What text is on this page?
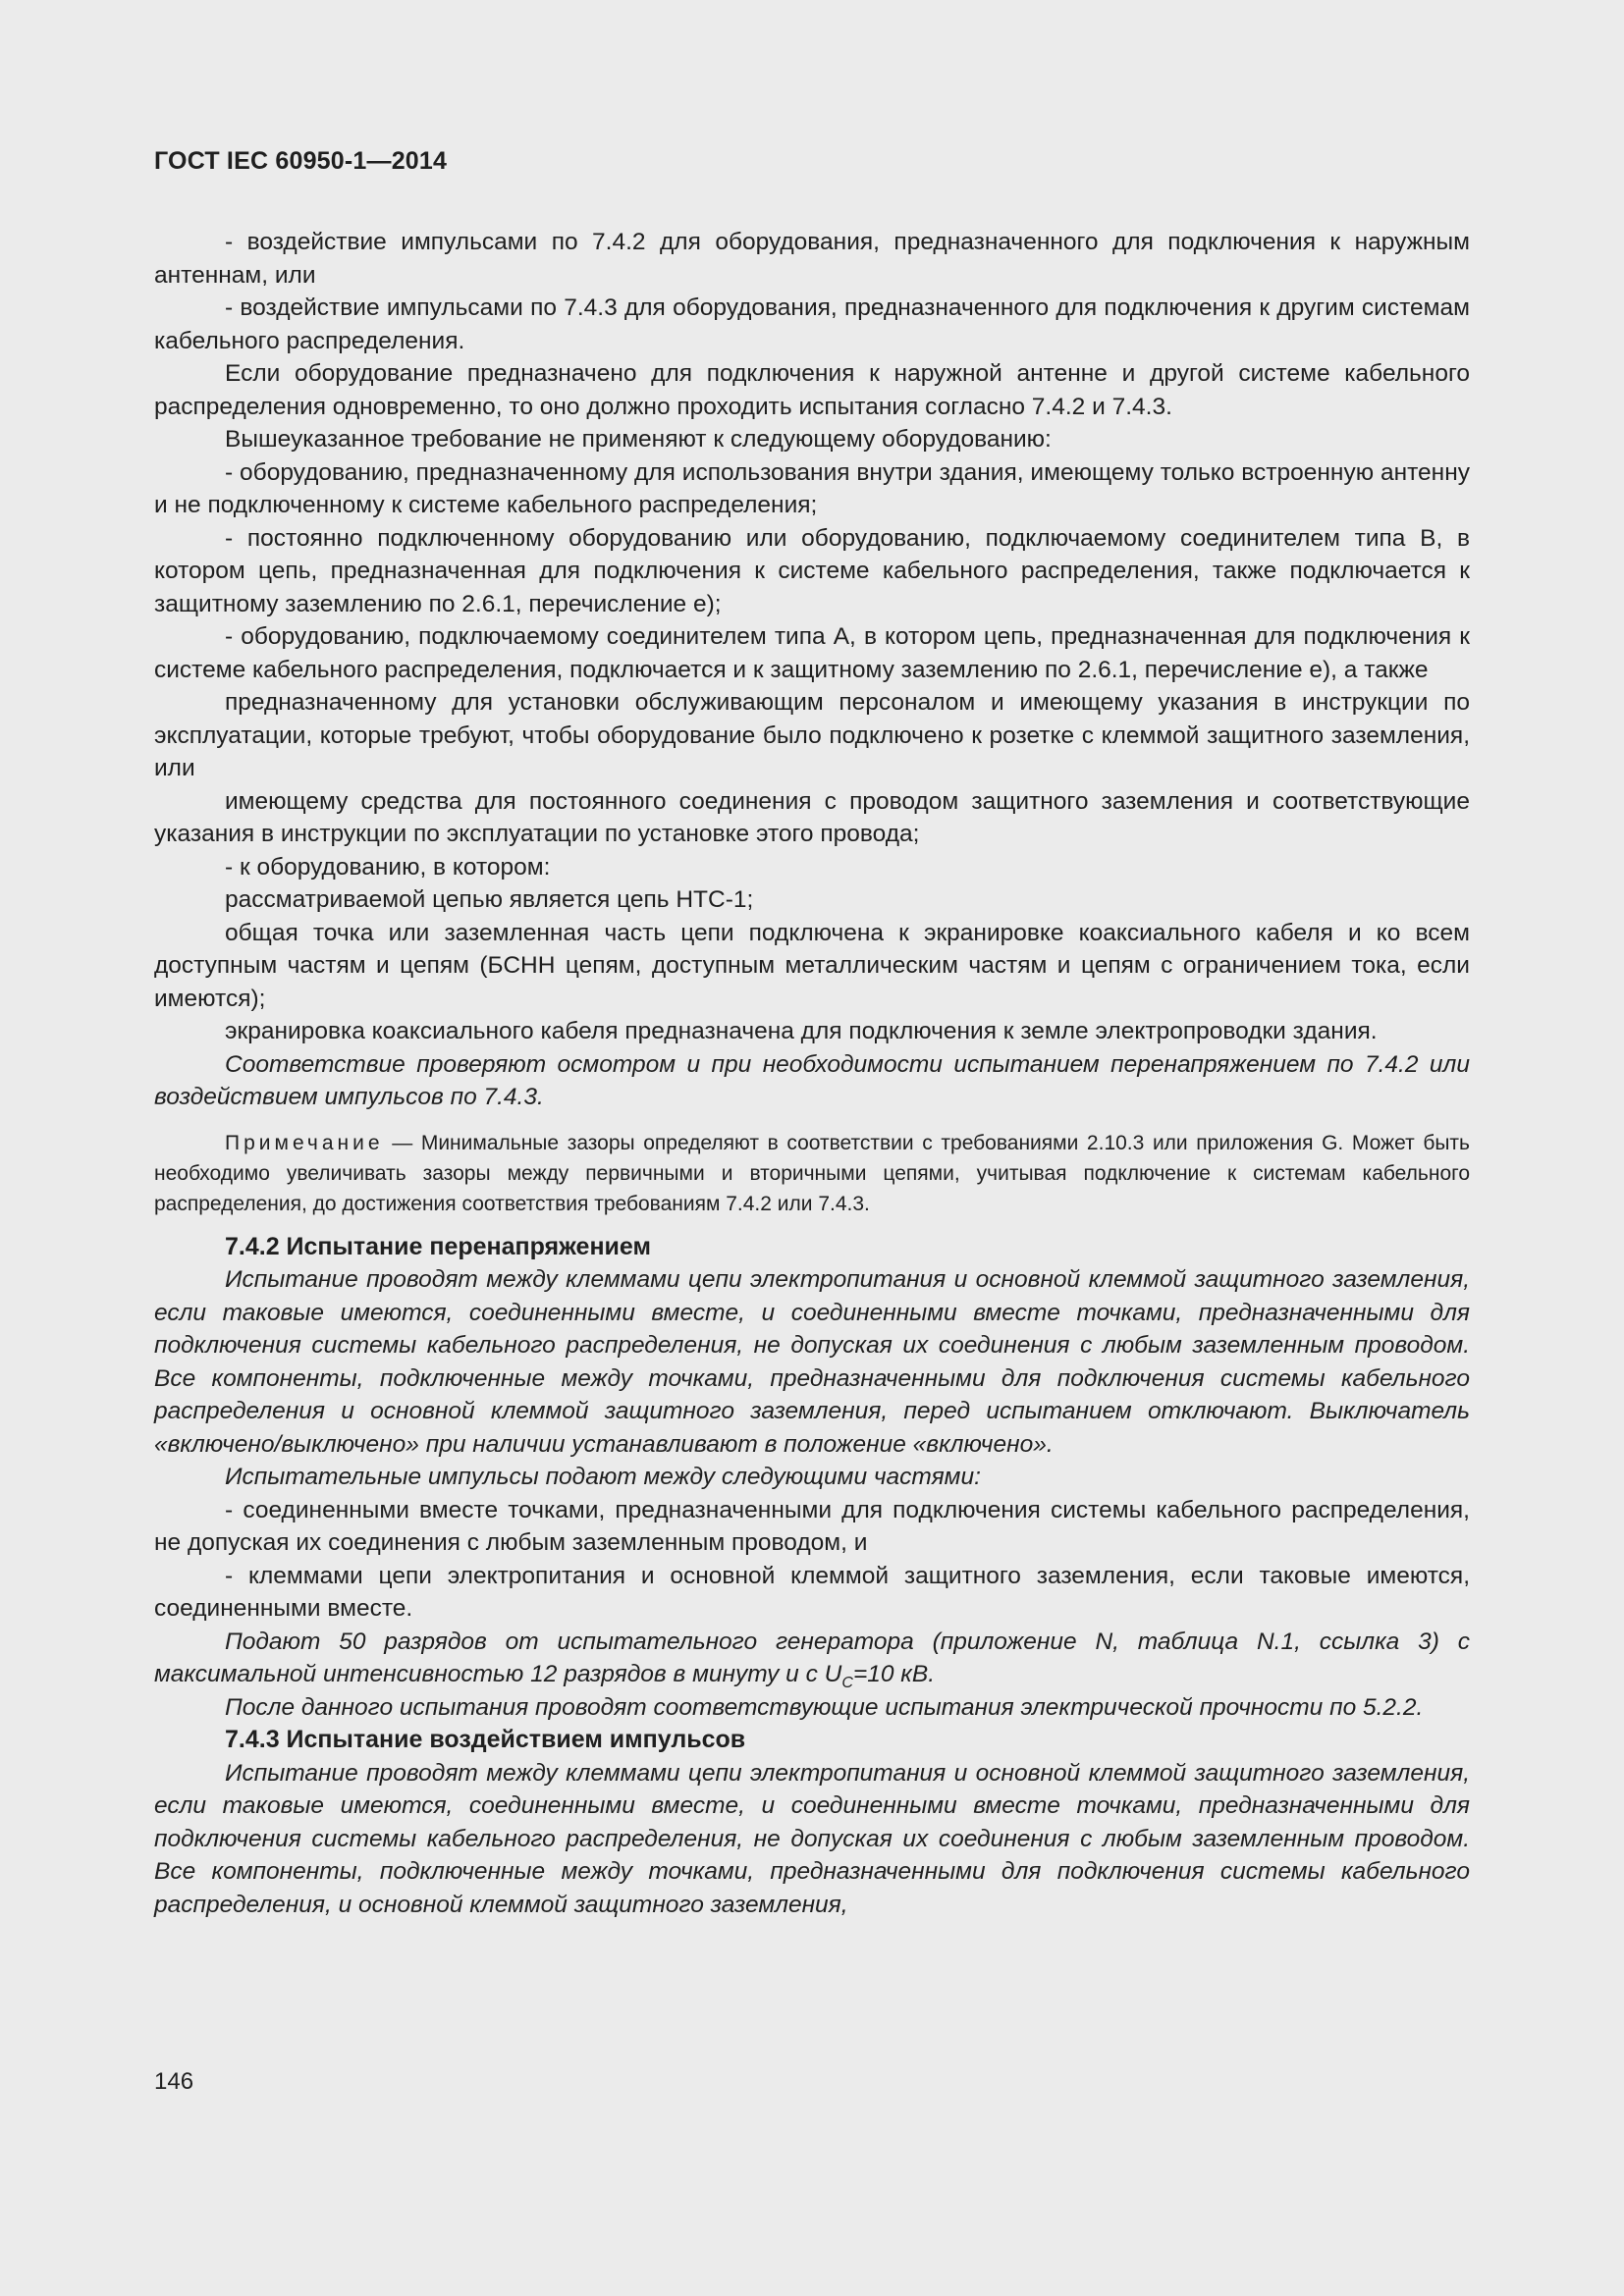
ГОСТ IEC 60950-1—2014

- воздействие импульсами по 7.4.2 для оборудования, предназначенного для подключения к наружным антеннам, или

- воздействие импульсами по 7.4.3 для оборудования, предназначенного для подключения к другим системам кабельного распределения.

Если оборудование предназначено для подключения к наружной антенне и другой системе кабельного распределения одновременно, то оно должно проходить испытания согласно 7.4.2 и 7.4.3.

Вышеуказанное требование не применяют к следующему оборудованию:

- оборудованию, предназначенному для использования внутри здания, имеющему только встроенную антенну и не подключенному к системе кабельного распределения;

- постоянно подключенному оборудованию или оборудованию, подключаемому соединителем типа В, в котором цепь, предназначенная для подключения к системе кабельного распределения, также подключается к защитному заземлению по 2.6.1, перечисление е);

- оборудованию, подключаемому соединителем типа А, в котором цепь, предназначенная для подключения к системе кабельного распределения, подключается и к защитному заземлению по 2.6.1, перечисление е), а также

предназначенному для установки обслуживающим персоналом и имеющему указания в инструкции по эксплуатации, которые требуют, чтобы оборудование было подключено к розетке с клеммой защитного заземления, или

имеющему средства для постоянного соединения с проводом защитного заземления и соответствующие указания в инструкции по эксплуатации по установке этого провода;

- к оборудованию, в котором:

рассматриваемой цепью является цепь НТС-1;

общая точка или заземленная часть цепи подключена к экранировке коаксиального кабеля и ко всем доступным частям и цепям (БСНН цепям, доступным металлическим частям и цепям с ограничением тока, если имеются);

экранировка коаксиального кабеля предназначена для подключения к земле электропроводки здания.

Соответствие проверяют осмотром и при необходимости испытанием перенапряжением по 7.4.2 или воздействием импульсов по 7.4.3.

Примечание — Минимальные зазоры определяют в соответствии с требованиями 2.10.3 или приложения G. Может быть необходимо увеличивать зазоры между первичными и вторичными цепями, учитывая подключение к системам кабельного распределения, до достижения соответствия требованиям 7.4.2 или 7.4.3.

7.4.2 Испытание перенапряжением

Испытание проводят между клеммами цепи электропитания и основной клеммой защитного заземления, если таковые имеются, соединенными вместе, и соединенными вместе точками, предназначенными для подключения системы кабельного распределения, не допуская их соединения с любым заземленным проводом. Все компоненты, подключенные между точками, предназначенными для подключения системы кабельного распределения и основной клеммой защитного заземления, перед испытанием отключают. Выключатель «включено/выключено» при наличии устанавливают в положение «включено».

Испытательные импульсы подают между следующими частями:

- соединенными вместе точками, предназначенными для подключения системы кабельного распределения, не допуская их соединения с любым заземленным проводом, и

- клеммами цепи электропитания и основной клеммой защитного заземления, если таковые имеются, соединенными вместе.

Подают 50 разрядов от испытательного генератора (приложение N, таблица N.1, ссылка 3) с максимальной интенсивностью 12 разрядов в минуту и с $U_C=10$ кВ.

После данного испытания проводят соответствующие испытания электрической прочности по 5.2.2.

7.4.3 Испытание воздействием импульсов

Испытание проводят между клеммами цепи электропитания и основной клеммой защитного заземления, если таковые имеются, соединенными вместе, и соединенными вместе точками, предназначенными для подключения системы кабельного распределения, не допуская их соединения с любым заземленным проводом. Все компоненты, подключенные между точками, предназначенными для подключения системы кабельного распределения, и основной клеммой защитного заземления,

146
